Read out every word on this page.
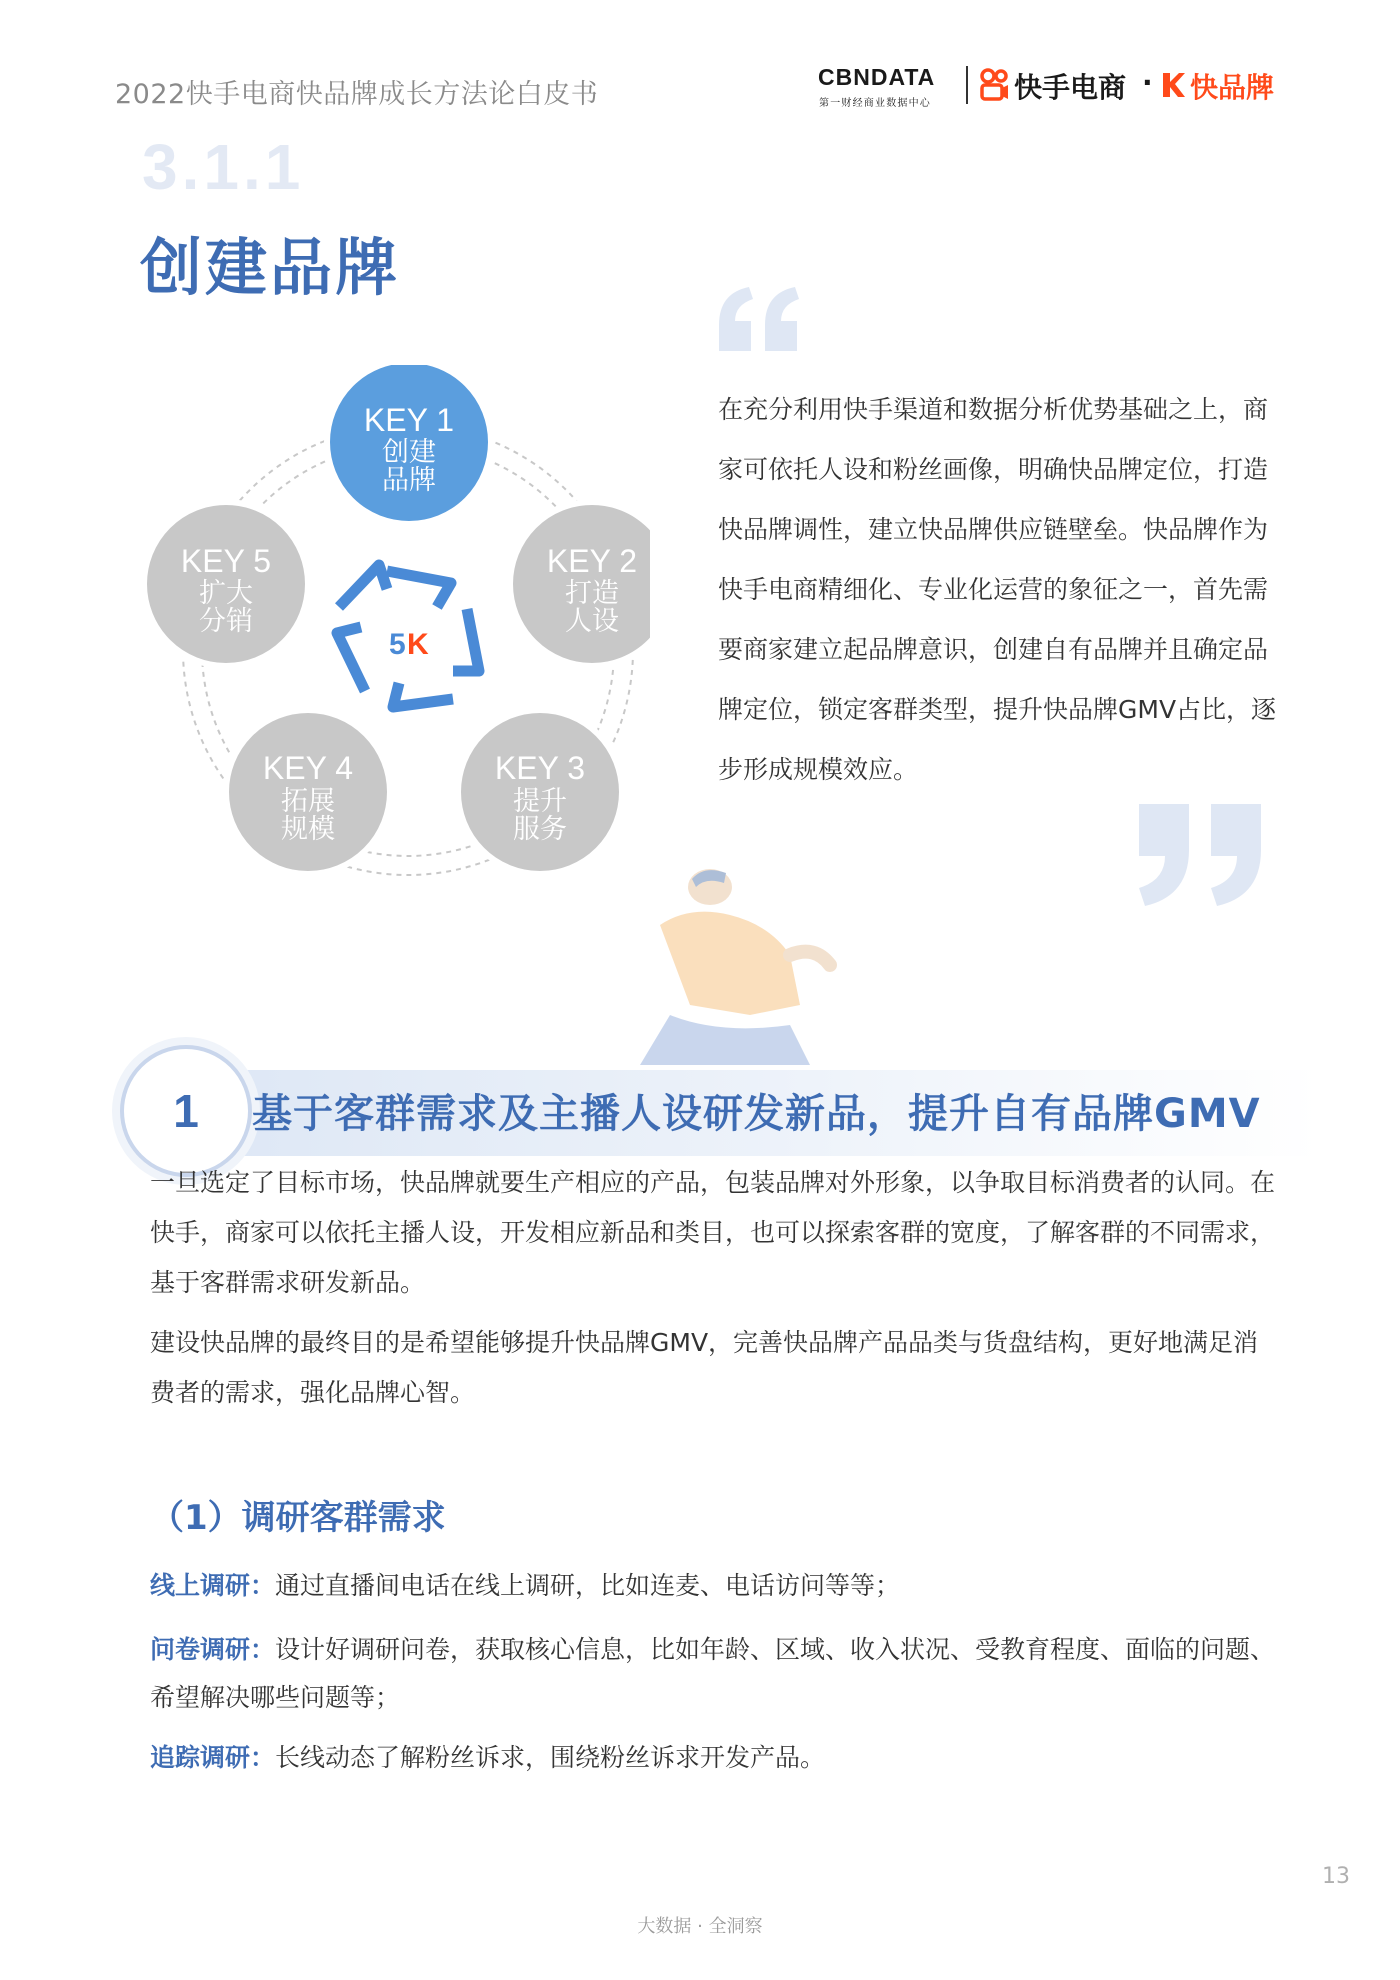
2022快手电商快品牌成长方法论白皮书
CBNDATA
第一财经商业数据中心	快手电商 · 快品牌
3.1.1
创建品牌
KEY 2
打造
人设
KEY 3
提升
服务
KEY 4
拓展
规模
KEY 5
扩大
分销
KEY 1
创建
品牌
5 K
在充分利用快手渠道和数据分析优势基础之上，商家可依托人设和粉丝画像，明确快品牌定位，打造快品牌调性，建立快品牌供应链壁垒。快品牌作为快手电商精细化、专业化运营的象征之一，首先需要商家建立起品牌意识，创建自有品牌并且确定品牌定位，锁定客群类型，提升快品牌GMV占比，逐步形成规模效应。
1	基于客群需求及主播人设研发新品，提升自有品牌GMV
一旦选定了目标市场，快品牌就要生产相应的产品，包装品牌对外形象，以争取目标消费者的认同。在快手，商家可以依托主播人设，开发相应新品和类目，也可以探索客群的宽度，了解客群的不同需求，基于客群需求研发新品。
建设快品牌的最终目的是希望能够提升快品牌GMV，完善快品牌产品品类与货盘结构，更好地满足消费者的需求，强化品牌心智。
（1）调研客群需求
线上调研：通过直播间电话在线上调研，比如连麦、电话访问等等；
问卷调研：设计好调研问卷，获取核心信息，比如年龄、区域、收入状况、受教育程度、面临的问题、希望解决哪些问题等；
追踪调研：长线动态了解粉丝诉求，围绕粉丝诉求开发产品。
13
大数据 · 全洞察
